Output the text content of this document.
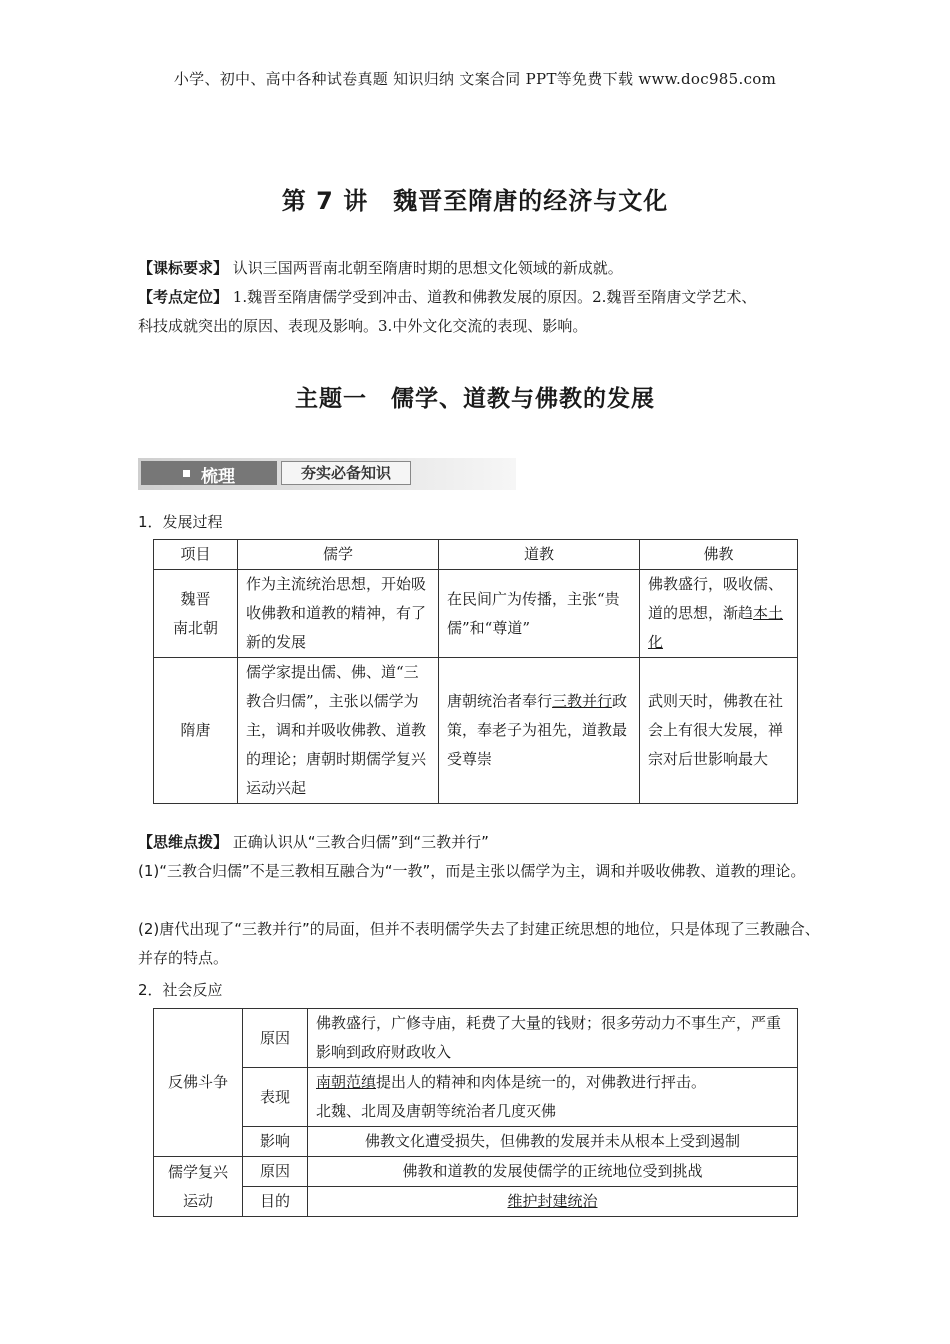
小学、初中、高中各种试卷真题 知识归纳 文案合同 PPT等免费下载 www.doc985.com
第 7 讲　魏晋至隋唐的经济与文化
【课标要求】 认识三国两晋南北朝至隋唐时期的思想文化领域的新成就。
【考点定位】 1.魏晋至隋唐儒学受到冲击、道教和佛教发展的原因。2.魏晋至隋唐文学艺术、
科技成就突出的原因、表现及影响。3.中外文化交流的表现、影响。
主题一　儒学、道教与佛教的发展
梳理	夯实必备知识
1．发展过程
项目	儒学	道教	佛教
魏晋
南北朝	作为主流统治思想，开始吸收佛教和道教的精神，有了新的发展	在民间广为传播，主张“贵儒”和“尊道”	佛教盛行，吸收儒、道的思想，渐趋本土化
隋唐	儒学家提出儒、佛、道“三教合归儒”，主张以儒学为主，调和并吸收佛教、道教的理论；唐朝时期儒学复兴运动兴起	唐朝统治者奉行三教并行政策，奉老子为祖先，道教最受尊崇	武则天时，佛教在社会上有很大发展，禅宗对后世影响最大
【思维点拨】 正确认识从“三教合归儒”到“三教并行”
(1)“三教合归儒”不是三教相互融合为“一教”，而是主张以儒学为主，调和并吸收佛教、道教的理论。
(2)唐代出现了“三教并行”的局面，但并不表明儒学失去了封建正统思想的地位，只是体现了三教融合、并存的特点。
2．社会反应
反佛斗争	原因	佛教盛行，广修寺庙，耗费了大量的钱财；很多劳动力不事生产，严重影响到政府财政收入
	表现	南朝范缜提出人的精神和肉体是统一的，对佛教进行抨击。
北魏、北周及唐朝等统治者几度灭佛
	影响	佛教文化遭受损失，但佛教的发展并未从根本上受到遏制
儒学复兴
运动	原因	佛教和道教的发展使儒学的正统地位受到挑战
	目的	维护封建统治
